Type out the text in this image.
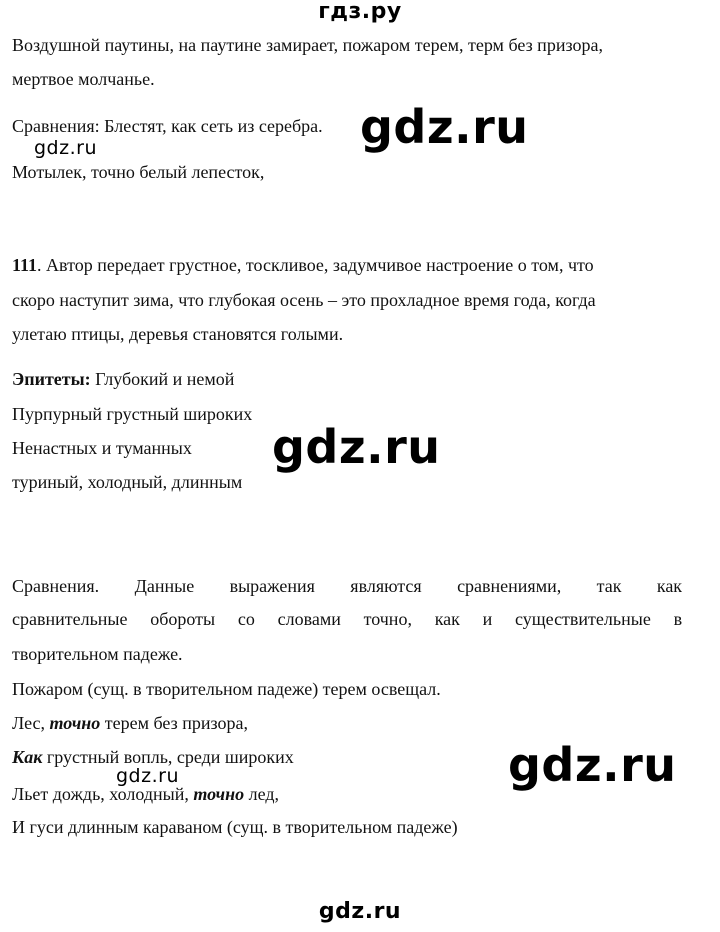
гдз.ру
Воздушной паутины, на паутине замирает, пожаром терем, терм без призора,
мертвое молчанье.
Сравнения: Блестят, как сеть из серебра. gdz.ru
gdz.ru
Мотылек, точно белый лепесток,
111. Автор передает грустное, тоскливое, задумчивое настроение о том, что
скоро наступит зима, что глубокая осень – это прохладное время года, когда
улетаю птицы, деревья становятся голыми.
Эпитеты: Глубокий и немой
Пурпурный грустный широких
Ненастных и туманных gdz.ru
туриный, холодный, длинным
Сравнения. Данные выражения являются сравнениями, так как
сравнительные обороты со словами точно, как и существительные в
творительном падеже.
Пожаром (сущ. в творительном падеже) терем освещал.
Лес, точно терем без призора,
Как грустный вопль, среди широких	gdz.ru
gdz.ru
Льет дождь, холодный, точно лед,
И гуси длинным караваном (сущ. в творительном падеже)
gdz.ru
